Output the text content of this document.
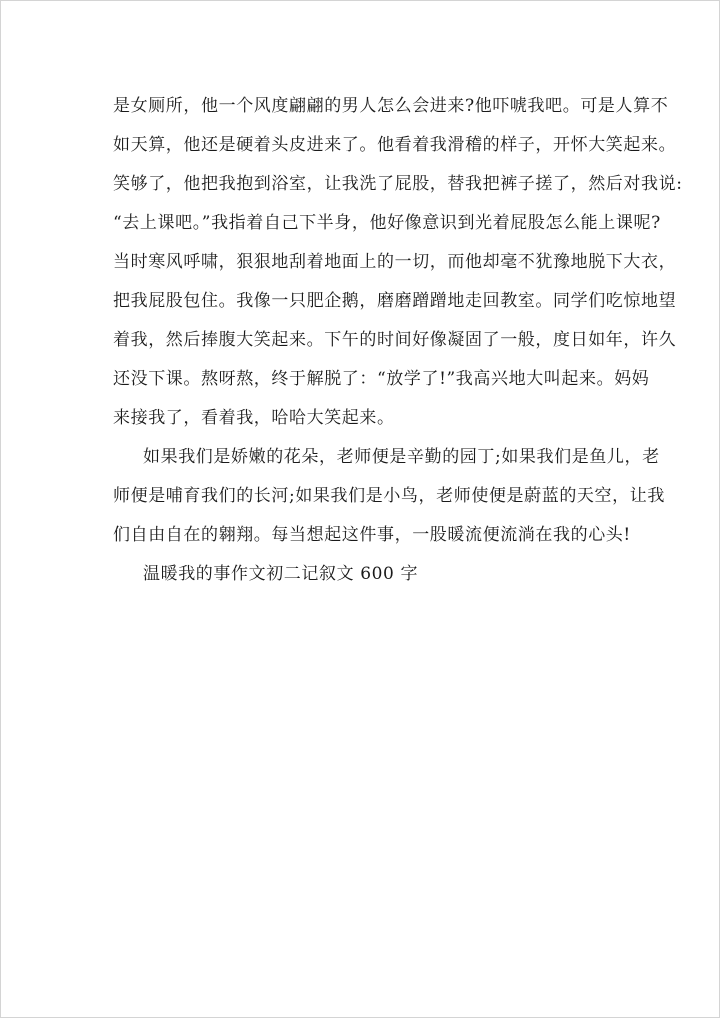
是女厕所，他一个风度翩翩的男人怎么会进来?他吓唬我吧。可是人算不
如天算，他还是硬着头皮进来了。他看着我滑稽的样子，开怀大笑起来。
笑够了，他把我抱到浴室，让我洗了屁股，替我把裤子搓了，然后对我说:
“去上课吧。”我指着自己下半身，他好像意识到光着屁股怎么能上课呢?
当时寒风呼啸，狠狠地刮着地面上的一切，而他却毫不犹豫地脱下大衣，
把我屁股包住。我像一只肥企鹅，磨磨蹭蹭地走回教室。同学们吃惊地望
着我，然后捧腹大笑起来。下午的时间好像凝固了一般，度日如年，许久
还没下课。熬呀熬，终于解脱了：“放学了!”我高兴地大叫起来。妈妈
来接我了，看着我，哈哈大笑起来。
如果我们是娇嫩的花朵，老师便是辛勤的园丁;如果我们是鱼儿，老
师便是哺育我们的长河;如果我们是小鸟，老师使便是蔚蓝的天空，让我
们自由自在的翱翔。每当想起这件事，一股暖流便流淌在我的心头!
温暖我的事作文初二记叙文 600 字
